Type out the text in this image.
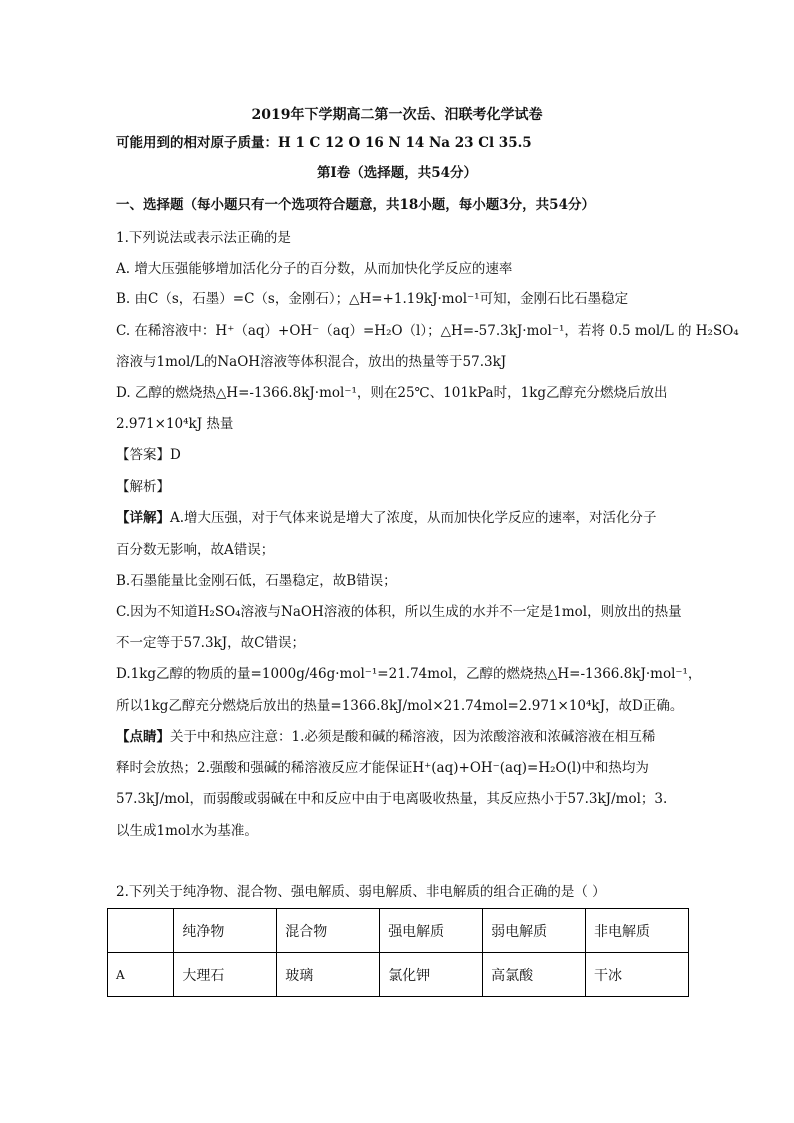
2019年下学期高二第一次岳、汨联考化学试卷
可能用到的相对原子质量：H 1 C 12 O 16 N 14 Na 23 Cl 35.5
第Ⅰ卷（选择题，共54分）
一、选择题（每小题只有一个选项符合题意，共18小题，每小题3分，共54分）
1.下列说法或表示法正确的是
A. 增大压强能够增加活化分子的百分数，从而加快化学反应的速率
B. 由C（s，石墨）=C（s，金刚石）；△H=+1.19kJ·mol⁻¹可知，金刚石比石墨稳定
C. 在稀溶液中：H⁺（aq）+OH⁻（aq）=H₂O（l）；△H=-57.3kJ·mol⁻¹，若将 0.5 mol/L 的 H₂SO₄
溶液与1mol/L的NaOH溶液等体积混合，放出的热量等于57.3kJ
D. 乙醇的燃烧热△H=-1366.8kJ·mol⁻¹，则在25℃、101kPa时，1kg乙醇充分燃烧后放出
2.971×10⁴kJ 热量
【答案】D
【解析】
【详解】A.增大压强，对于气体来说是增大了浓度，从而加快化学反应的速率，对活化分子
百分数无影响，故A错误；
B.石墨能量比金刚石低，石墨稳定，故B错误；
C.因为不知道H₂SO₄溶液与NaOH溶液的体积，所以生成的水并不一定是1mol，则放出的热量
不一定等于57.3kJ，故C错误；
D.1kg乙醇的物质的量=1000g/46g·mol⁻¹=21.74mol，乙醇的燃烧热△H=-1366.8kJ·mol⁻¹，
所以1kg乙醇充分燃烧后放出的热量=1366.8kJ/mol×21.74mol=2.971×10⁴kJ，故D正确。
【点睛】关于中和热应注意：1.必须是酸和碱的稀溶液，因为浓酸溶液和浓碱溶液在相互稀
释时会放热；2.强酸和强碱的稀溶液反应才能保证H⁺(aq)+OH⁻(aq)=H₂O(l)中和热均为
57.3kJ/mol，而弱酸或弱碱在中和反应中由于电离吸收热量，其反应热小于57.3kJ/mol；3.
以生成1mol水为基准。
2.下列关于纯净物、混合物、强电解质、弱电解质、非电解质的组合正确的是（ ）
	纯净物	混合物	强电解质	弱电解质	非电解质
A	大理石	玻璃	氯化钾	高氯酸	干冰
